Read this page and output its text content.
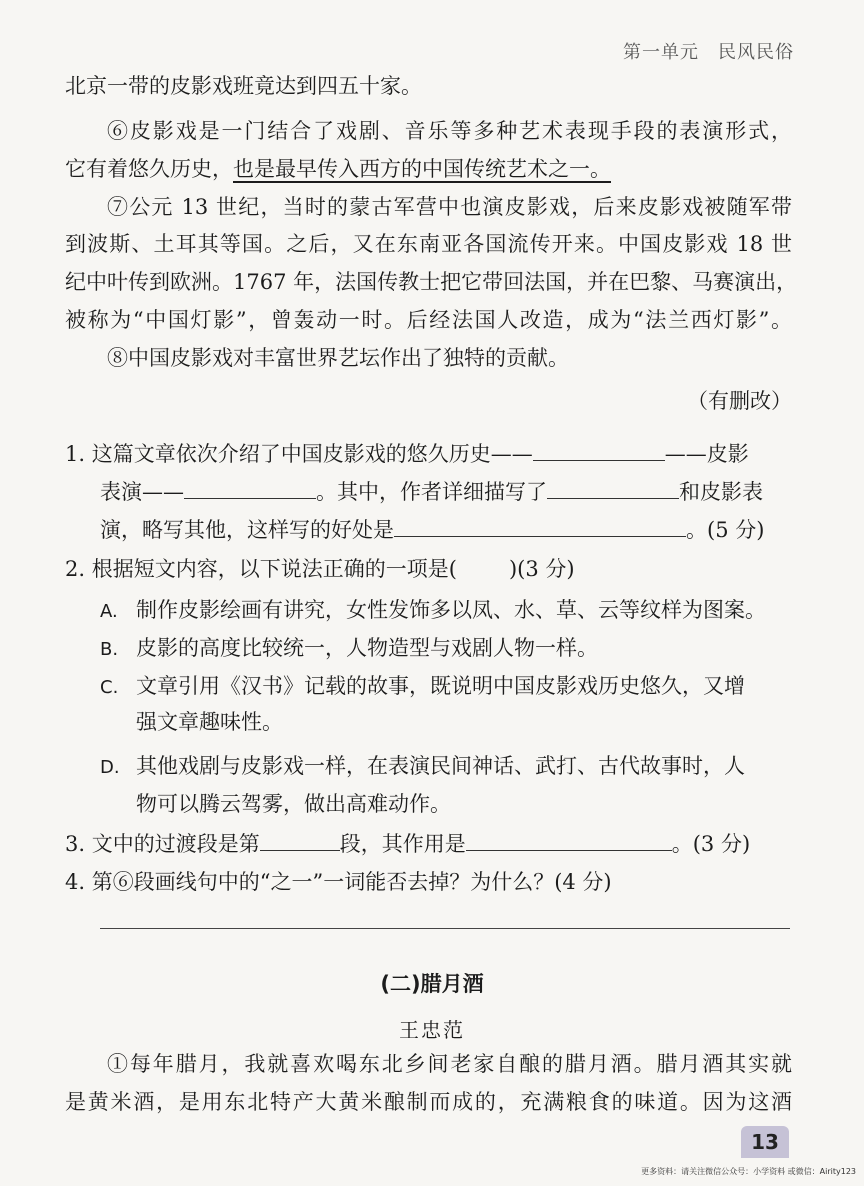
第一单元　民风民俗
北京一带的皮影戏班竟达到四五十家。
⑥皮影戏是一门结合了戏剧、音乐等多种艺术表现手段的表演形式，
它有着悠久历史，也是最早传入西方的中国传统艺术之一。
⑦公元 13 世纪，当时的蒙古军营中也演皮影戏，后来皮影戏被随军带
到波斯、土耳其等国。之后，又在东南亚各国流传开来。中国皮影戏 18 世
纪中叶传到欧洲。1767 年，法国传教士把它带回法国，并在巴黎、马赛演出，
被称为“中国灯影”，曾轰动一时。后经法国人改造，成为“法兰西灯影”。
⑧中国皮影戏对丰富世界艺坛作出了独特的贡献。
（有删改）
1. 这篇文章依次介绍了中国皮影戏的悠久历史——	——皮影
表演——	。其中，作者详细描写了	和皮影表
演，略写其他，这样写的好处是	。(5 分)
2. 根据短文内容，以下说法正确的一项是( )(3 分)
A. 制作皮影绘画有讲究，女性发饰多以凤、水、草、云等纹样为图案。
B. 皮影的高度比较统一，人物造型与戏剧人物一样。
C. 文章引用《汉书》记载的故事，既说明中国皮影戏历史悠久，又增
强文章趣味性。
D. 其他戏剧与皮影戏一样，在表演民间神话、武打、古代故事时，人
物可以腾云驾雾，做出高难动作。
3. 文中的过渡段是第	段，其作用是	。(3 分)
4. 第⑥段画线句中的“之一”一词能否去掉？为什么？(4 分)
(二)腊月酒
王忠范
①每年腊月，我就喜欢喝东北乡间老家自酿的腊月酒。腊月酒其实就
是黄米酒，是用东北特产大黄米酿制而成的，充满粮食的味道。因为这酒
13
更多资料：请关注微信公众号：小学资料 或微信：Airity123
